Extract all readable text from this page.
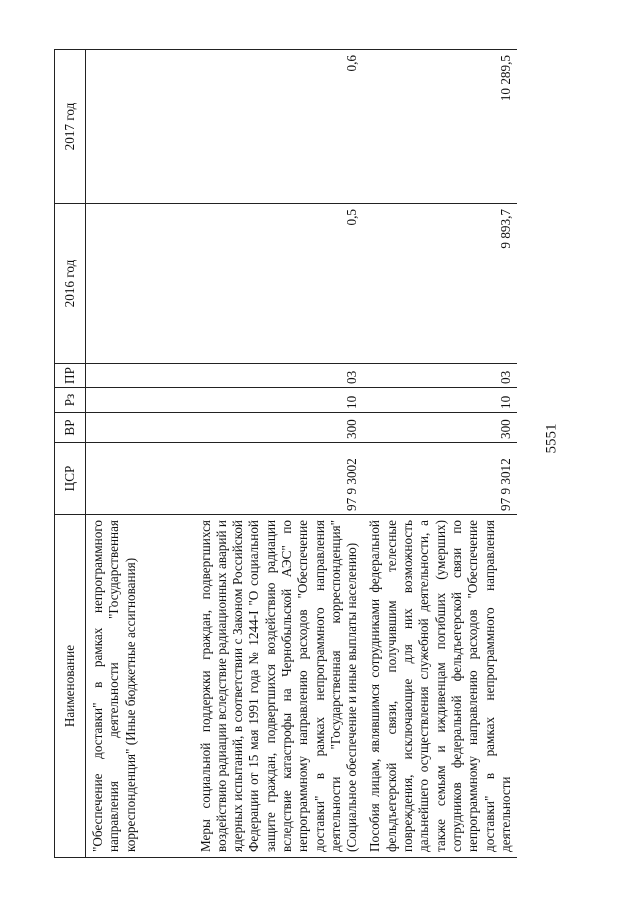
5551
Наименование	ЦСР	ВР	Рз	ПР	2016 год	2017 год
"Обеспечение доставки" в рамках непрограммного направления деятельности "Государственная корреспонденция" (Иные бюджетные ассигнования)						
Меры социальной поддержки граждан, подвергшихся воздействию радиации вследствие радиационных аварий и ядерных испытаний, в соответствии с Законом Российской Федерации от 15 мая 1991 года № 1244-I "О социальной защите граждан, подвергшихся воздействию радиации вследствие катастрофы на Чернобыльской АЭС" по непрограммному направлению расходов "Обеспечение доставки" в рамках непрограммного направления деятельности "Государственная корреспонденция" (Социальное обеспечение и иные выплаты населению)	97 9 3002	300	10	03	0,5	0,6
Пособия лицам, являвшимся сотрудниками федеральной фельдъегерской связи, получившим телесные повреждения, исключающие для них возможность дальнейшего осуществления служебной деятельности, а также семьям и иждивенцам погибших (умерших) сотрудников федеральной фельдъегерской связи по непрограммному направлению расходов "Обеспечение доставки" в рамках непрограммного направления деятельности	97 9 3012	300	10	03	9 893,7	10 289,5
